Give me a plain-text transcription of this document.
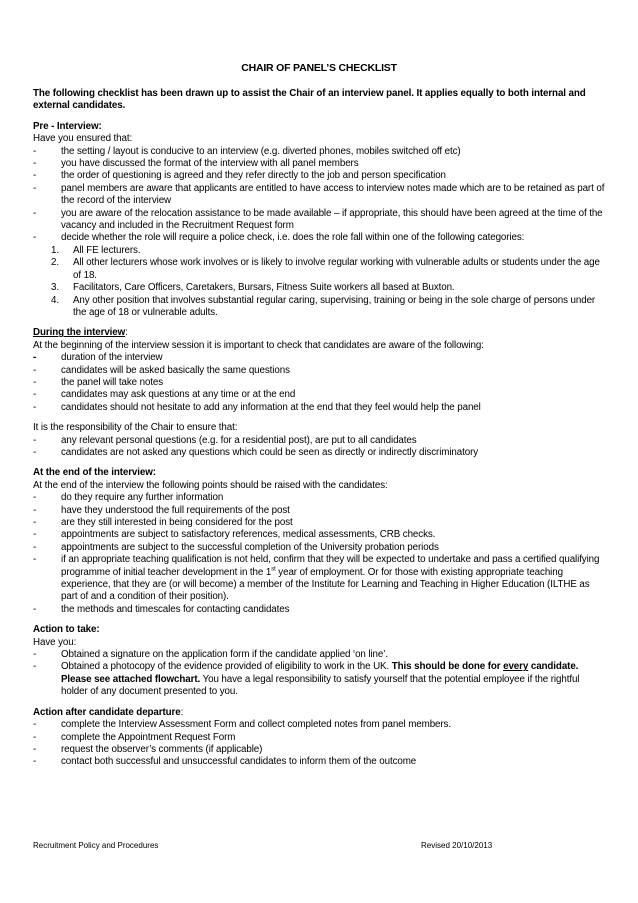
CHAIR OF PANEL’S CHECKLIST

The following checklist has been drawn up to assist the Chair of an interview panel. It applies equally to both internal and external candidates.

Pre - Interview:
Have you ensured that:
-	the setting / layout is conducive to an interview (e.g. diverted phones, mobiles switched off etc)
-	you have discussed the format of the interview with all panel members
-	the order of questioning is agreed and they refer directly to the job and person specification
-	panel members are aware that applicants are entitled to have access to interview notes made which are to be retained as part of the record of the interview
-	you are aware of the relocation assistance to be made available – if appropriate, this should have been agreed at the time of the vacancy and included in the Recruitment Request form
-	decide whether the role will require a police check, i.e. does the role fall within one of the following categories:
1.	All FE lecturers.
2.	All other lecturers whose work involves or is likely to involve regular working with vulnerable adults or students under the age of 18.
3.	Facilitators, Care Officers, Caretakers, Bursars, Fitness Suite workers all based at Buxton.
4.	Any other position that involves substantial regular caring, supervising, training or being in the sole charge of persons under the age of 18 or vulnerable adults.
During the interview:
At the beginning of the interview session it is important to check that candidates are aware of the following:
-	duration of the interview
-	candidates will be asked basically the same questions
-	the panel will take notes
-	candidates may ask questions at any time or at the end
-	candidates should not hesitate to add any information at the end that they feel would help the panel
It is the responsibility of the Chair to ensure that:
-	any relevant personal questions (e.g. for a residential post), are put to all candidates
-	candidates are not asked any questions which could be seen as directly or indirectly discriminatory
At the end of the interview:
At the end of the interview the following points should be raised with the candidates:
-	do they require any further information
-	have they understood the full requirements of the post
-	are they still interested in being considered for the post
-	appointments are subject to satisfactory references, medical assessments, CRB checks.
-	appointments are subject to the successful completion of the University probation periods
-	if an appropriate teaching qualification is not held, confirm that they will be expected to undertake and pass a certified qualifying programme of initial teacher development in the 1st year of employment. Or for those with existing appropriate teaching experience, that they are (or will become) a member of the Institute for Learning and Teaching in Higher Education (ILTHE as part of and a condition of their position).
-	the methods and timescales for contacting candidates
Action to take:
Have you:
-	Obtained a signature on the application form if the candidate applied ‘on line’.
-	Obtained a photocopy of the evidence provided of eligibility to work in the UK. This should be done for every candidate. Please see attached flowchart. You have a legal responsibility to satisfy yourself that the potential employee if the rightful holder of any document presented to you.
Action after candidate departure:
-	complete the Interview Assessment Form and collect completed notes from panel members.
-	complete the Appointment Request Form
-	request the observer’s comments (if applicable)
-	contact both successful and unsuccessful candidates to inform them of the outcome
Recruitment Policy and Procedures	Revised 20/10/2013
